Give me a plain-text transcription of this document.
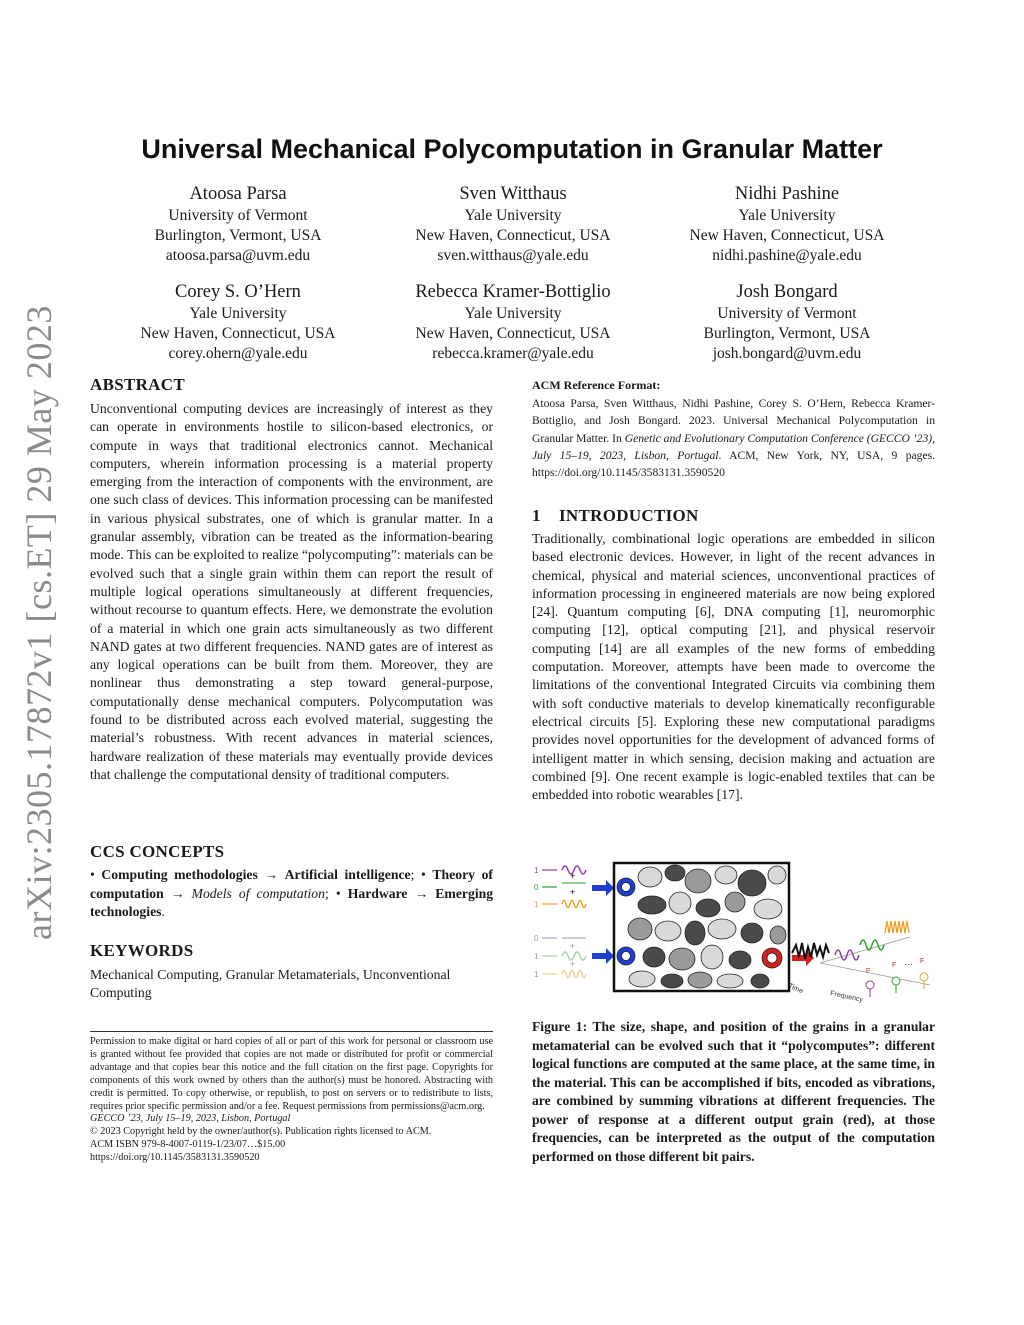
arXiv:2305.17872v1 [cs.ET] 29 May 2023
Universal Mechanical Polycomputation in Granular Matter
Atoosa Parsa
University of Vermont
Burlington, Vermont, USA
atoosa.parsa@uvm.edu
Sven Witthaus
Yale University
New Haven, Connecticut, USA
sven.witthaus@yale.edu
Nidhi Pashine
Yale University
New Haven, Connecticut, USA
nidhi.pashine@yale.edu
Corey S. O’Hern
Yale University
New Haven, Connecticut, USA
corey.ohern@yale.edu
Rebecca Kramer-Bottiglio
Yale University
New Haven, Connecticut, USA
rebecca.kramer@yale.edu
Josh Bongard
University of Vermont
Burlington, Vermont, USA
josh.bongard@uvm.edu
ABSTRACT

Unconventional computing devices are increasingly of interest as they can operate in environments hostile to silicon-based electronics, or compute in ways that traditional electronics cannot. Mechanical computers, wherein information processing is a material property emerging from the interaction of components with the environment, are one such class of devices. This information processing can be manifested in various physical substrates, one of which is granular matter. In a granular assembly, vibration can be treated as the information-bearing mode. This can be exploited to realize “polycomputing”: materials can be evolved such that a single grain within them can report the result of multiple logical operations simultaneously at different frequencies, without recourse to quantum effects. Here, we demonstrate the evolution of a material in which one grain acts simultaneously as two different NAND gates at two different frequencies. NAND gates are of interest as any logical operations can be built from them. Moreover, they are nonlinear thus demonstrating a step toward general-purpose, computationally dense mechanical computers. Polycomputation was found to be distributed across each evolved material, suggesting the material’s robustness. With recent advances in material sciences, hardware realization of these materials may eventually provide devices that challenge the computational density of traditional computers.

CCS CONCEPTS
• Computing methodologies → Artificial intelligence; • Theory of computation → Models of computation; • Hardware → Emerging technologies.
KEYWORDS

Mechanical Computing, Granular Metamaterials, Unconventional Computing

Permission to make digital or hard copies of all or part of this work for personal or classroom use is granted without fee provided that copies are not made or distributed for profit or commercial advantage and that copies bear this notice and the full citation on the first page. Copyrights for components of this work owned by others than the author(s) must be honored. Abstracting with credit is permitted. To copy otherwise, or republish, to post on servers or to redistribute to lists, requires prior specific permission and/or a fee. Request permissions from permissions@acm.org.

GECCO ’23, July 15–19, 2023, Lisbon, Portugal

© 2023 Copyright held by the owner/author(s). Publication rights licensed to ACM.

ACM ISBN 979-8-4007-0119-1/23/07…$15.00

https://doi.org/10.1145/3583131.3590520

ACM Reference Format:
Atoosa Parsa, Sven Witthaus, Nidhi Pashine, Corey S. O’Hern, Rebecca Kramer-Bottiglio, and Josh Bongard. 2023. Universal Mechanical Polycomputation in Granular Matter. In Genetic and Evolutionary Computation Conference (GECCO ’23), July 15–19, 2023, Lisbon, Portugal. ACM, New York, NY, USA, 9 pages. https://doi.org/10.1145/3583131.3590520
1 INTRODUCTION

Traditionally, combinational logic operations are embedded in silicon based electronic devices. However, in light of the recent advances in chemical, physical and material sciences, unconventional practices of information processing in engineered materials are now being explored [24]. Quantum computing [6], DNA computing [1], neuromorphic computing [12], optical computing [21], and physical reservoir computing [14] are all examples of the new forms of embedding computation. Moreover, attempts have been made to overcome the limitations of the conventional Integrated Circuits via combining them with soft conductive materials to develop kinematically reconfigurable electrical circuits [5]. Exploring these new computational paradigms provides novel opportunities for the development of advanced forms of intelligent matter in which sensing, decision making and actuation are combined [9]. One recent example is logic-enabled textiles that can be embedded into robotic wearables [17].

1
0
1
+
+
0
1
1
+
+
Time
Frequency
F
F … F
Figure 1: The size, shape, and position of the grains in a granular metamaterial can be evolved such that it “polycomputes”: different logical functions are computed at the same place, at the same time, in the material. This can be accomplished if bits, encoded as vibrations, are combined by summing vibrations at different frequencies. The power of response at a different output grain (red), at those frequencies, can be interpreted as the output of the computation performed on those different bit pairs.
